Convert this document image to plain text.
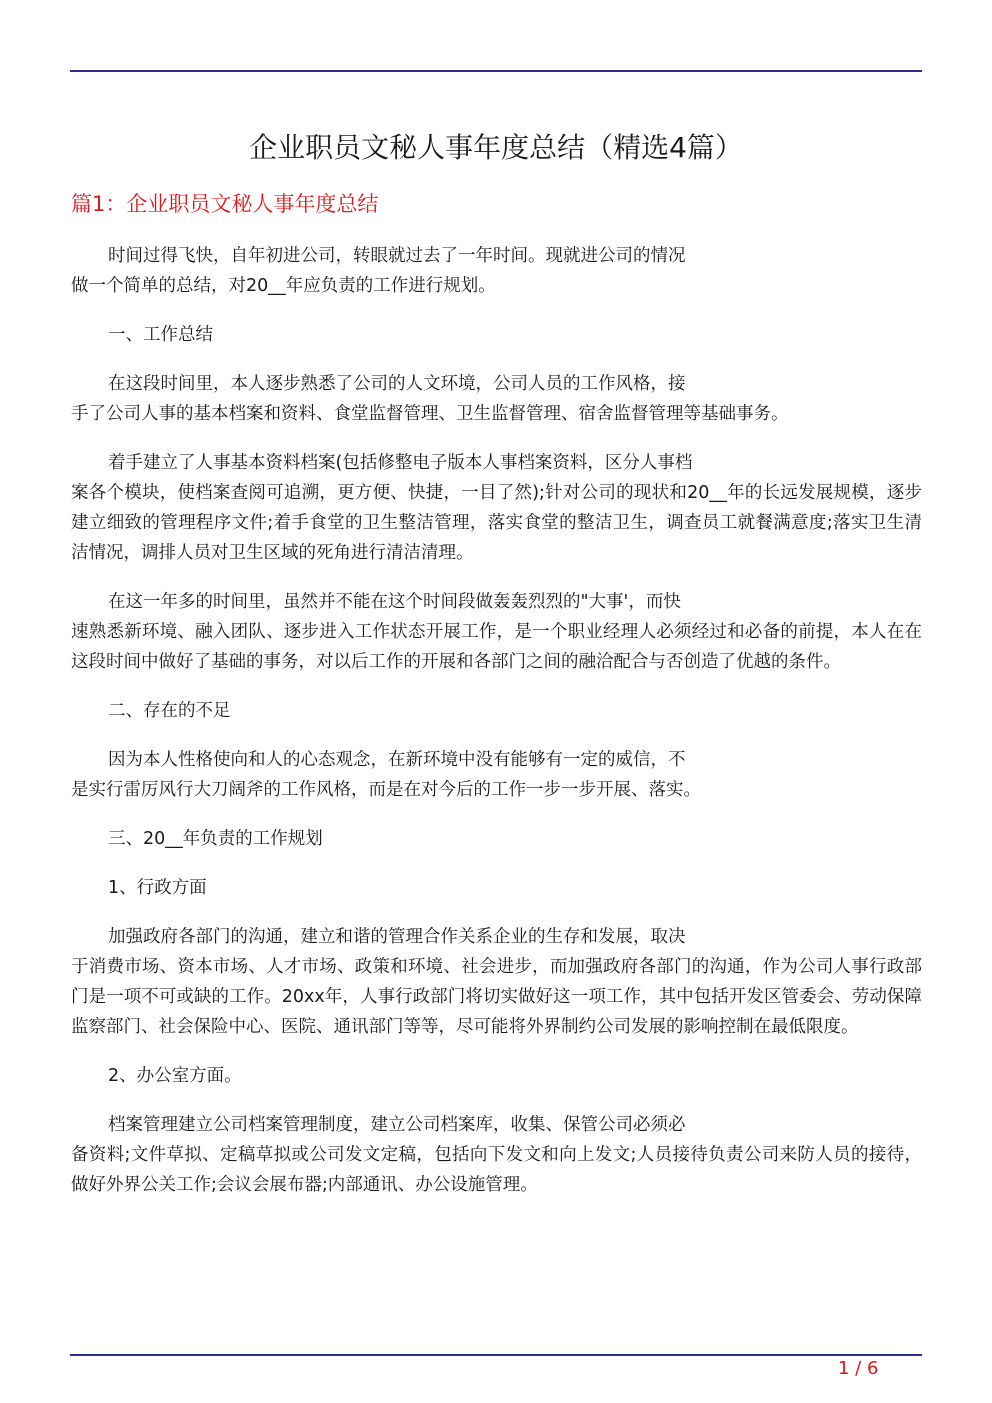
企业职员文秘人事年度总结（精选4篇）
篇1：企业职员文秘人事年度总结

时间过得飞快，自年初进公司，转眼就过去了一年时间。现就进公司的情况
做一个简单的总结，对20__年应负责的工作进行规划。

一、工作总结

在这段时间里，本人逐步熟悉了公司的人文环境，公司人员的工作风格，接
手了公司人事的基本档案和资料、食堂监督管理、卫生监督管理、宿舍监督管理等基础事务。

着手建立了人事基本资料档案(包括修整电子版本人事档案资料，区分人事档
案各个模块，使档案查阅可追溯，更方便、快捷，一目了然);针对公司的现状和20__年的长远发展规模，逐步建立细致的管理程序文件;着手食堂的卫生整洁管理，落实食堂的整洁卫生，调查员工就餐满意度;落实卫生清洁情况，调排人员对卫生区域的死角进行清洁清理。

在这一年多的时间里，虽然并不能在这个时间段做轰轰烈烈的"大事'，而快
速熟悉新环境、融入团队、逐步进入工作状态开展工作，是一个职业经理人必须经过和必备的前提，本人在在这段时间中做好了基础的事务，对以后工作的开展和各部门之间的融洽配合与否创造了优越的条件。

二、存在的不足

因为本人性格使向和人的心态观念，在新环境中没有能够有一定的威信，不
是实行雷厉风行大刀阔斧的工作风格，而是在对今后的工作一步一步开展、落实。

三、20__年负责的工作规划

1、行政方面

加强政府各部门的沟通，建立和谐的管理合作关系企业的生存和发展，取决
于消费市场、资本市场、人才市场、政策和环境、社会进步，而加强政府各部门的沟通，作为公司人事行政部门是一项不可或缺的工作。20xx年，人事行政部门将切实做好这一项工作，其中包括开发区管委会、劳动保障监察部门、社会保险中心、医院、通讯部门等等，尽可能将外界制约公司发展的影响控制在最低限度。

2、办公室方面。

档案管理建立公司档案管理制度，建立公司档案库，收集、保管公司必须必
备资料;文件草拟、定稿草拟或公司发文定稿，包括向下发文和向上发文;人员接待负责公司来防人员的接待，做好外界公关工作;会议会展布器;内部通讯、办公设施管理。

1 / 6
